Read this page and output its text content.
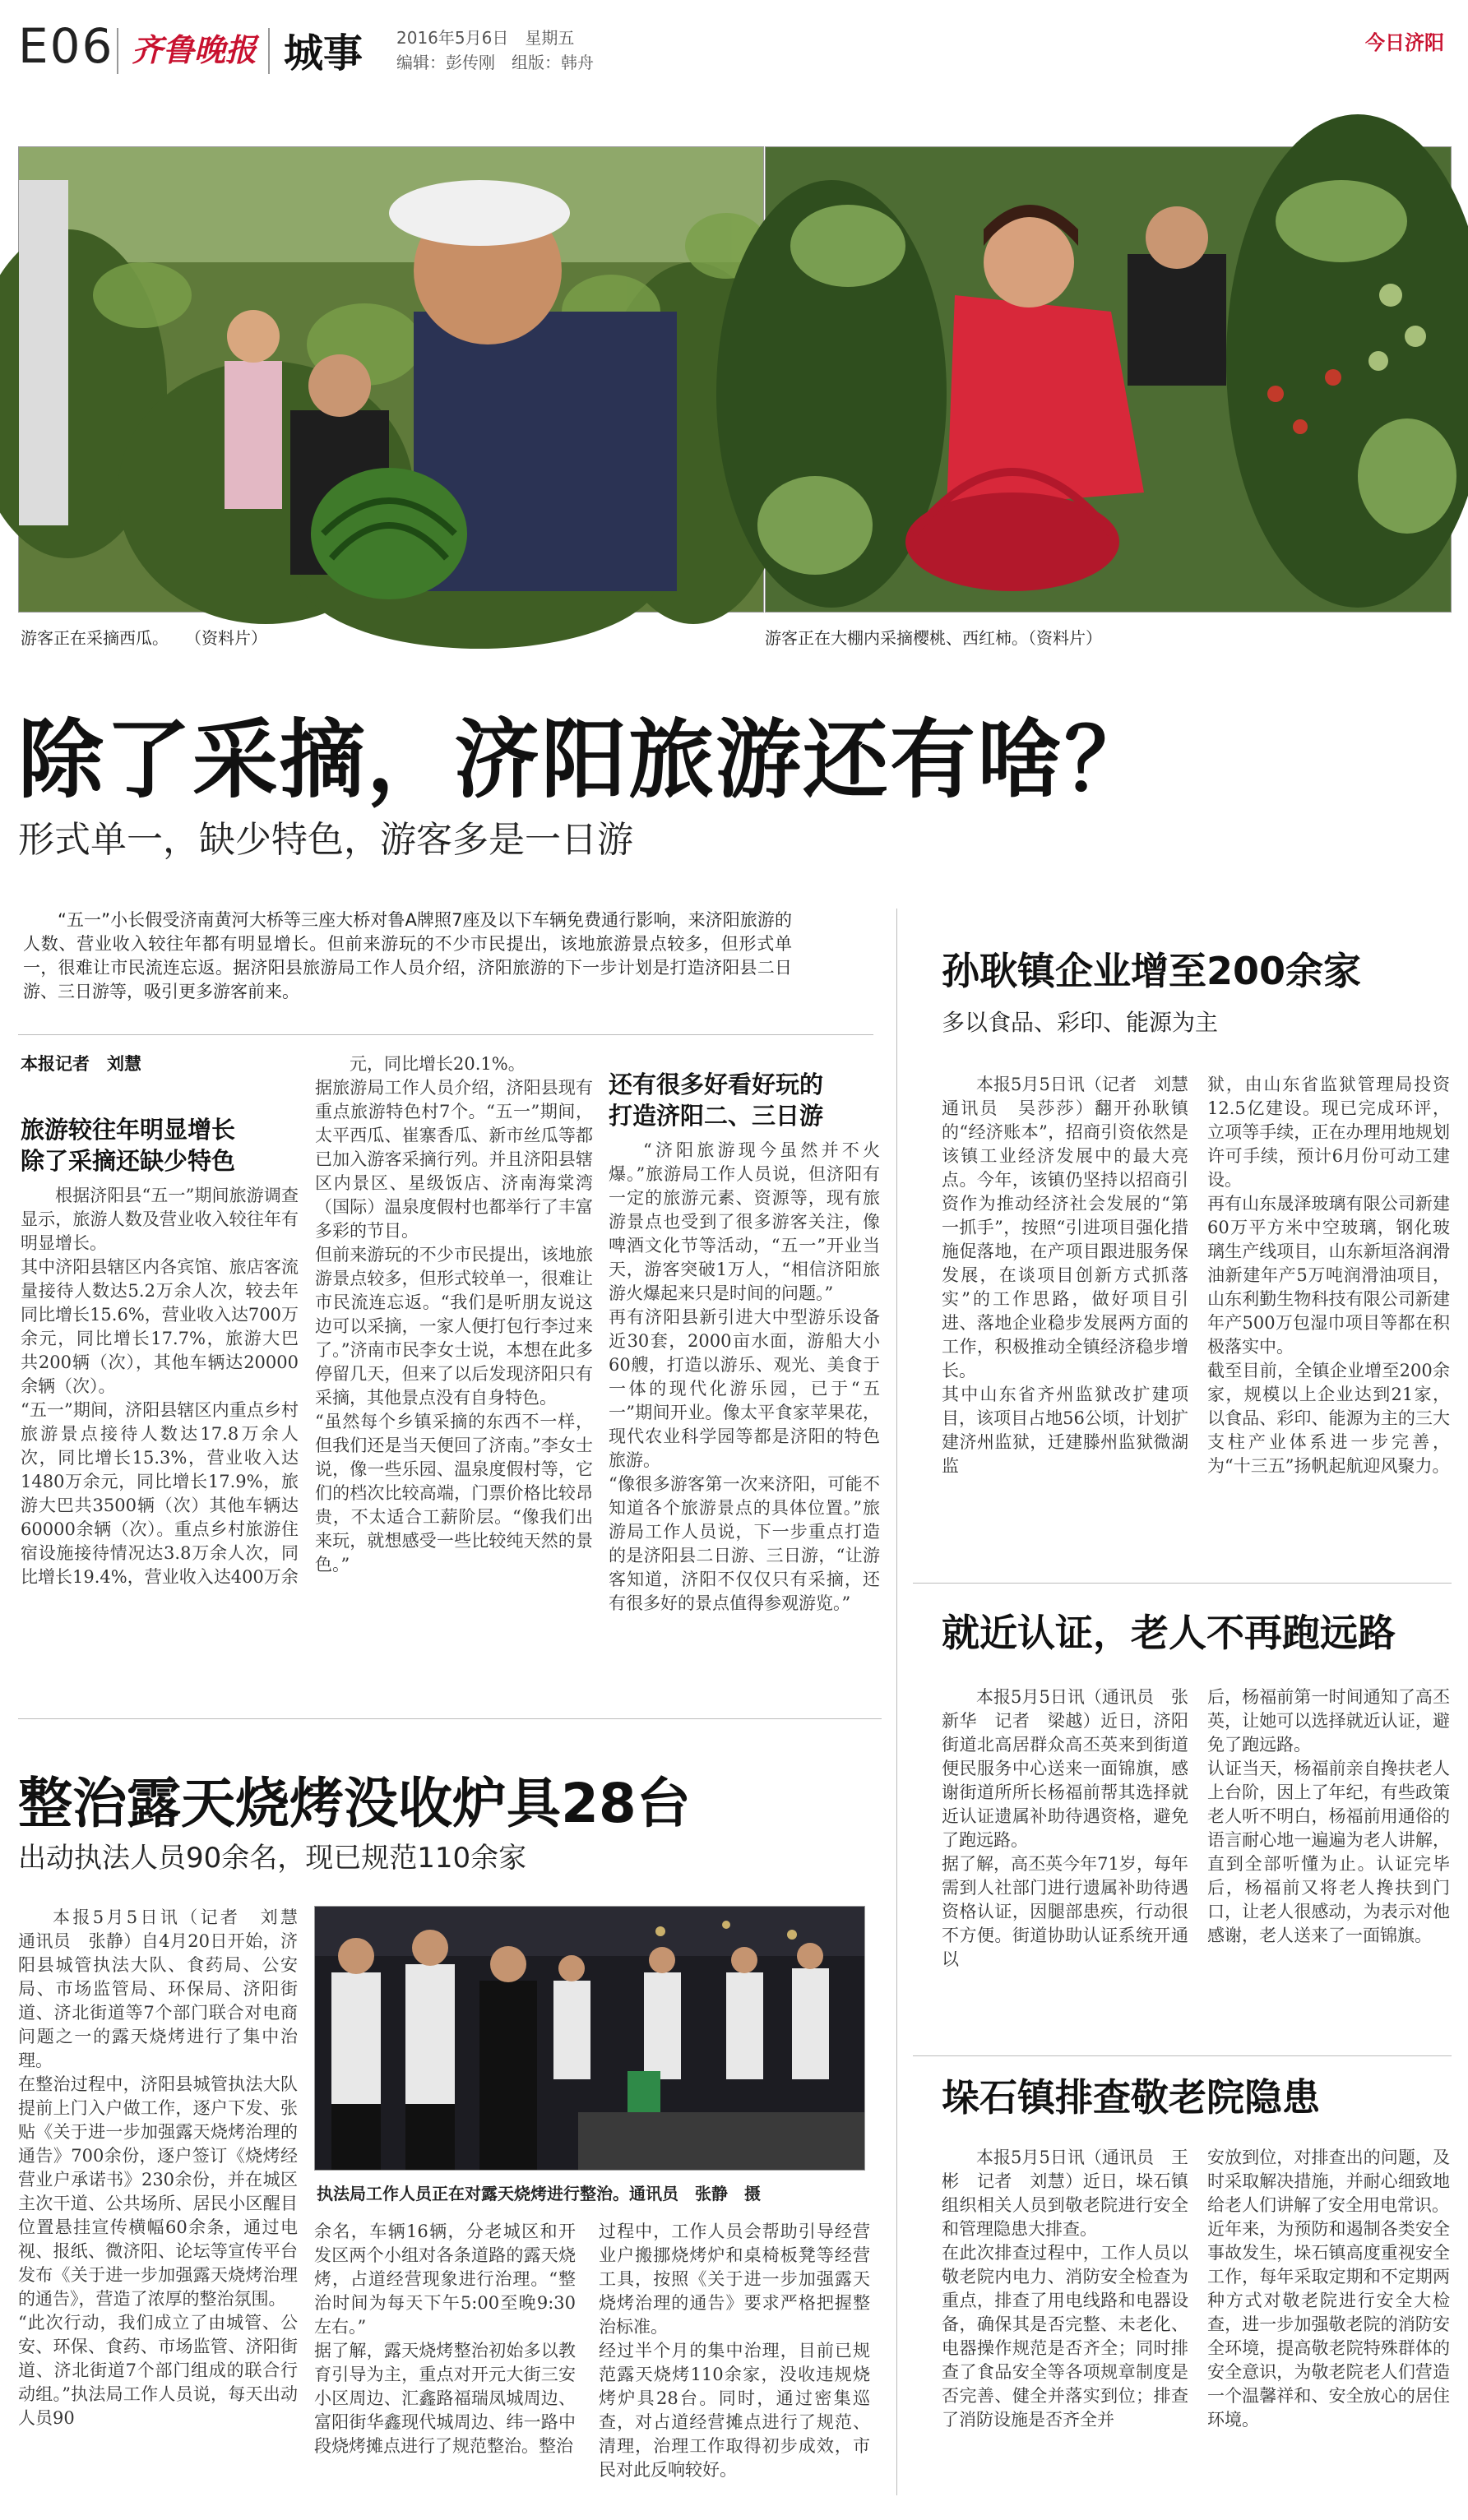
E06 齐鲁晚报 城事 2016年5月6日　星期五
编辑：彭传刚　组版：韩舟
今日济阳
游客正在采摘西瓜。　　（资料片）	游客正在大棚内采摘樱桃、西红柿。（资料片）
除了采摘，济阳旅游还有啥？
形式单一，缺少特色，游客多是一日游
“五一”小长假受济南黄河大桥等三座大桥对鲁A牌照7座及以下车辆免费通行影响，来济阳旅游的人数、营业收入较往年都有明显增长。但前来游玩的不少市民提出，该地旅游景点较多，但形式单一，很难让市民流连忘返。据济阳县旅游局工作人员介绍，济阳旅游的下一步计划是打造济阳县二日游、三日游等，吸引更多游客前来。
本报记者　刘慧
旅游较往年明显增长
除了采摘还缺少特色
根据济阳县“五一”期间旅游调查显示，旅游人数及营业收入较往年有明显增长。
其中济阳县辖区内各宾馆、旅店客流量接待人数达5.2万余人次，较去年同比增长15.6%，营业收入达700万余元，同比增长17.7%，旅游大巴共200辆（次），其他车辆达20000余辆（次）。
“五一”期间，济阳县辖区内重点乡村旅游景点接待人数达17.8万余人次，同比增长15.3%，营业收入达1480万余元，同比增长17.9%，旅游大巴共3500辆（次）其他车辆达60000余辆（次）。重点乡村旅游住宿设施接待情况达3.8万余人次，同比增长19.4%，营业收入达400万余
元，同比增长20.1%。
据旅游局工作人员介绍，济阳县现有重点旅游特色村7个。“五一”期间，太平西瓜、崔寨香瓜、新市丝瓜等都已加入游客采摘行列。并且济阳县辖区内景区、星级饭店、济南海棠湾（国际）温泉度假村也都举行了丰富多彩的节目。
但前来游玩的不少市民提出，该地旅游景点较多，但形式较单一，很难让市民流连忘返。“我们是听朋友说这边可以采摘，一家人便打包行李过来了。”济南市民李女士说，本想在此多停留几天，但来了以后发现济阳只有采摘，其他景点没有自身特色。
“虽然每个乡镇采摘的东西不一样，但我们还是当天便回了济南。”李女士说，像一些乐园、温泉度假村等，它们的档次比较高端，门票价格比较昂贵，不太适合工薪阶层。“像我们出来玩，就想感受一些比较纯天然的景色。”
还有很多好看好玩的
打造济阳二、三日游
“济阳旅游现今虽然并不火爆。”旅游局工作人员说，但济阳有一定的旅游元素、资源等，现有旅游景点也受到了很多游客关注，像啤酒文化节等活动，“五一”开业当天，游客突破1万人，“相信济阳旅游火爆起来只是时间的问题。”
再有济阳县新引进大中型游乐设备近30套，2000亩水面，游船大小60艘，打造以游乐、观光、美食于一体的现代化游乐园，已于“五一”期间开业。像太平食家苹果花，现代农业科学园等都是济阳的特色旅游。
“像很多游客第一次来济阳，可能不知道各个旅游景点的具体位置。”旅游局工作人员说，下一步重点打造的是济阳县二日游、三日游，“让游客知道，济阳不仅仅只有采摘，还有很多好的景点值得参观游览。”
孙耿镇企业增至200余家
多以食品、彩印、能源为主
本报5月5日讯（记者　刘慧　通讯员　吴莎莎）翻开孙耿镇的“经济账本”，招商引资依然是该镇工业经济发展中的最大亮点。今年，该镇仍坚持以招商引资作为推动经济社会发展的“第一抓手”，按照“引进项目强化措施促落地，在产项目跟进服务保发展，在谈项目创新方式抓落实”的工作思路，做好项目引进、落地企业稳步发展两方面的工作，积极推动全镇经济稳步增长。
其中山东省齐州监狱改扩建项目，该项目占地56公顷，计划扩建济州监狱，迁建滕州监狱微湖监
狱，由山东省监狱管理局投资12.5亿建设。现已完成环评，立项等手续，正在办理用地规划许可手续，预计6月份可动工建设。
再有山东晟泽玻璃有限公司新建60万平方米中空玻璃，钢化玻璃生产线项目，山东新垣洛润滑油新建年产5万吨润滑油项目，山东利勤生物科技有限公司新建年产500万包湿巾项目等都在积极落实中。
截至目前，全镇企业增至200余家，规模以上企业达到21家，以食品、彩印、能源为主的三大支柱产业体系进一步完善，为“十三五”扬帆起航迎风聚力。
就近认证，老人不再跑远路
本报5月5日讯（通讯员　张新华　记者　梁越）近日，济阳街道北高居群众高丕英来到街道便民服务中心送来一面锦旗，感谢街道所所长杨福前帮其选择就近认证遗属补助待遇资格，避免了跑远路。
据了解，高丕英今年71岁，每年需到人社部门进行遗属补助待遇资格认证，因腿部患疾，行动很不方便。街道协助认证系统开通以
后，杨福前第一时间通知了高丕英，让她可以选择就近认证，避免了跑远路。
认证当天，杨福前亲自搀扶老人上台阶，因上了年纪，有些政策老人听不明白，杨福前用通俗的语言耐心地一遍遍为老人讲解，直到全部听懂为止。认证完毕后，杨福前又将老人搀扶到门口，让老人很感动，为表示对他感谢，老人送来了一面锦旗。
垛石镇排查敬老院隐患
本报5月5日讯（通讯员　王彬　记者　刘慧）近日，垛石镇组织相关人员到敬老院进行安全和管理隐患大排查。
在此次排查过程中，工作人员以敬老院内电力、消防安全检查为重点，排查了用电线路和电器设备，确保其是否完整、未老化、电器操作规范是否齐全；同时排查了食品安全等各项规章制度是否完善、健全并落实到位；排查了消防设施是否齐全并
安放到位，对排查出的问题，及时采取解决措施，并耐心细致地给老人们讲解了安全用电常识。
近年来，为预防和遏制各类安全事故发生，垛石镇高度重视安全工作，每年采取定期和不定期两种方式对敬老院进行安全大检查，进一步加强敬老院的消防安全环境，提高敬老院特殊群体的安全意识，为敬老院老人们营造一个温馨祥和、安全放心的居住环境。
整治露天烧烤没收炉具28台
出动执法人员90余名，现已规范110余家
本报5月5日讯（记者　刘慧　通讯员　张静）自4月20日开始，济阳县城管执法大队、食药局、公安局、市场监管局、环保局、济阳街道、济北街道等7个部门联合对电商问题之一的露天烧烤进行了集中治理。
在整治过程中，济阳县城管执法大队提前上门入户做工作，逐户下发、张贴《关于进一步加强露天烧烤治理的通告》700余份，逐户签订《烧烤经营业户承诺书》230余份，并在城区主次干道、公共场所、居民小区醒目位置悬挂宣传横幅60余条，通过电视、报纸、微济阳、论坛等宣传平台发布《关于进一步加强露天烧烤治理的通告》，营造了浓厚的整治氛围。
“此次行动，我们成立了由城管、公安、环保、食药、市场监管、济阳街道、济北街道7个部门组成的联合行动组。”执法局工作人员说，每天出动人员90
执法局工作人员正在对露天烧烤进行整治。通讯员　张静　摄
余名，车辆16辆，分老城区和开发区两个小组对各条道路的露天烧烤，占道经营现象进行治理。“整治时间为每天下午5:00至晚9:30左右。”
据了解，露天烧烤整治初始多以教育引导为主，重点对开元大街三安小区周边、汇鑫路福瑞凤城周边、富阳街华鑫现代城周边、纬一路中段烧烤摊点进行了规范整治。整治
过程中，工作人员会帮助引导经营业户搬挪烧烤炉和桌椅板凳等经营工具，按照《关于进一步加强露天烧烤治理的通告》要求严格把握整治标准。
经过半个月的集中治理，目前已规范露天烧烤110余家，没收违规烧烤炉具28台。同时，通过密集巡查，对占道经营摊点进行了规范、清理，治理工作取得初步成效，市民对此反响较好。
